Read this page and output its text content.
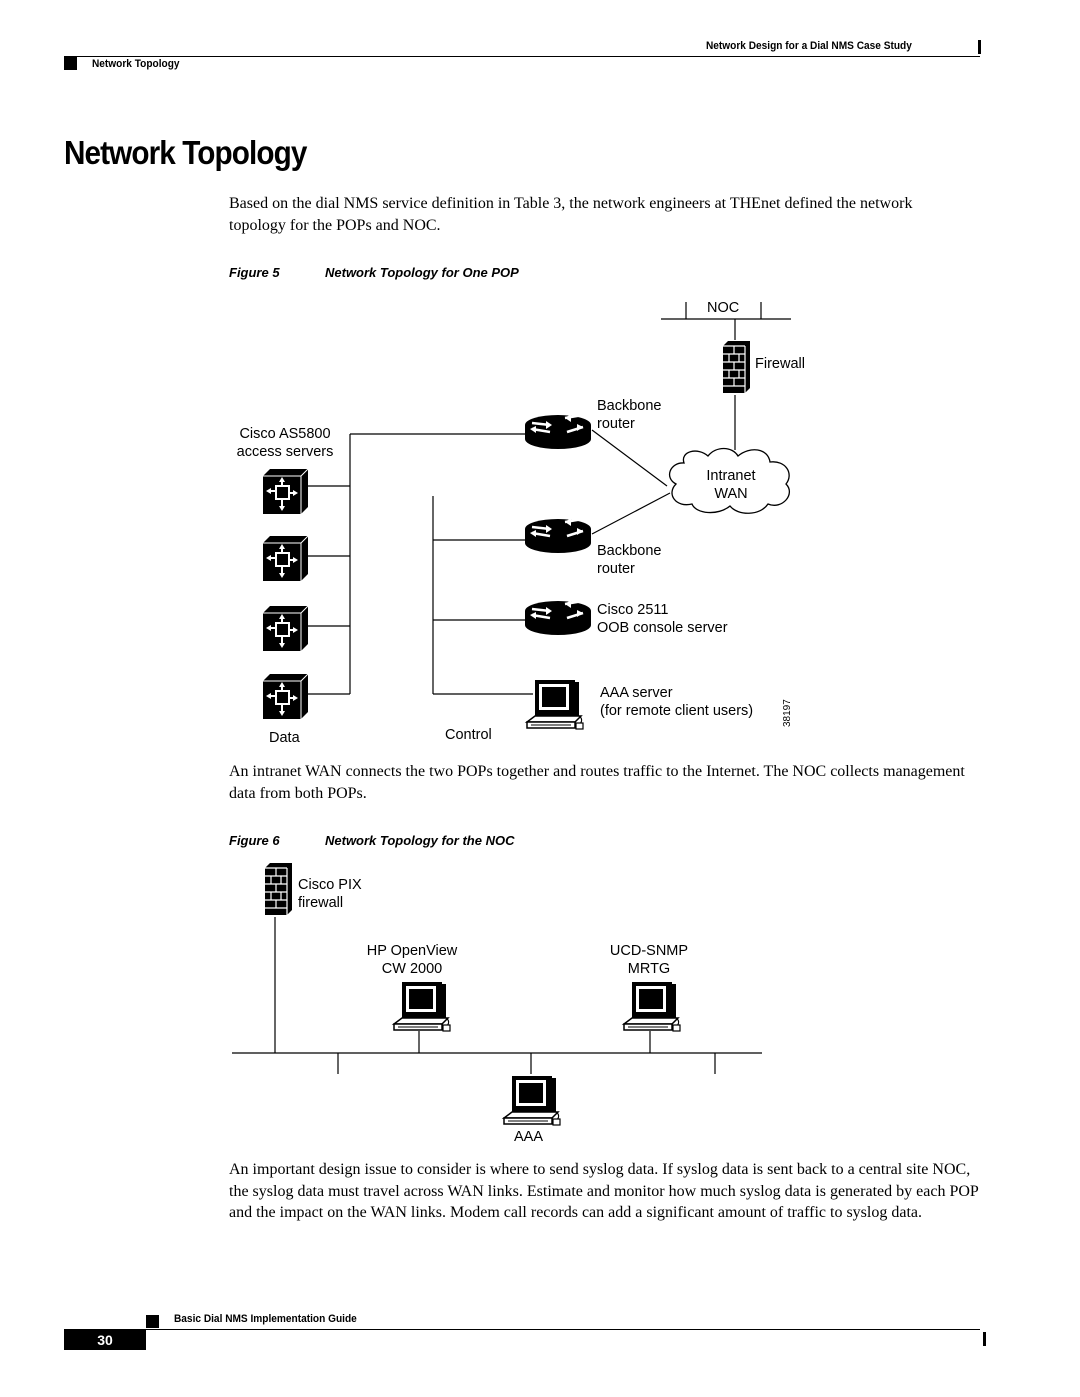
Network Design for a Dial NMS Case Study
Network Topology
Network Topology
Based on the dial NMS service definition in Table 3, the network engineers at THEnet defined the network topology for the POPs and NOC.
Figure 5	Network Topology for One POP
38197
NOC
Firewall
Backbone
router
Cisco AS5800
access servers
Intranet
WAN
Backbone
router
Cisco 2511
OOB console server
AAA server
(for remote client users)
Data	Control
An intranet WAN connects the two POPs together and routes traffic to the Internet. The NOC collects management data from both POPs.
Figure 6	Network Topology for the NOC
Cisco PIX
firewall
HP OpenView
CW 2000
UCD-SNMP
MRTG
AAA
An important design issue to consider is where to send syslog data. If syslog data is sent back to a central site NOC, the syslog data must travel across WAN links. Estimate and monitor how much syslog data is generated by each POP and the impact on the WAN links. Modem call records can add a significant amount of traffic to syslog data.
Basic Dial NMS Implementation Guide
30
